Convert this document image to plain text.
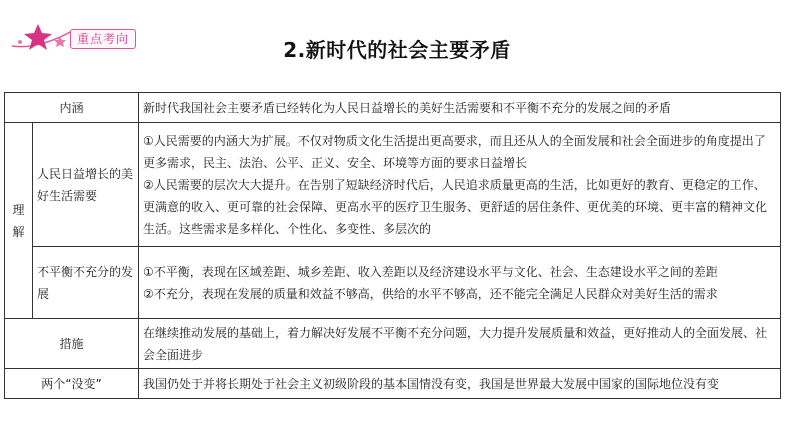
重点考向	2.新时代的社会主要矛盾
内涵		新时代我国社会主要矛盾已经转化为人民日益增长的美好生活需要和不平衡不充分的发展之间的矛盾
理解	人民日益增长的美好生活需要	①人民需要的内涵大为扩展。不仅对物质文化生活提出更高要求，而且还从人的全面发展和社会全面进步的角度提出了更多需求，民主、法治、公平、正义、安全、环境等方面的要求日益增长
②人民需要的层次大大提升。在告别了短缺经济时代后，人民追求质量更高的生活，比如更好的教育、更稳定的工作、更满意的收入、更可靠的社会保障、更高水平的医疗卫生服务、更舒适的居住条件、更优美的环境、更丰富的精神文化生活。这些需求是多样化、个性化、多变性、多层次的

	不平衡不充分的发展	①不平衡，表现在区域差距、城乡差距、收入差距以及经济建设水平与文化、社会、生态建设水平之间的差距
②不充分，表现在发展的质量和效益不够高，供给的水平不够高，还不能完全满足人民群众对美好生活的需求

措施		在继续推动发展的基础上，着力解决好发展不平衡不充分问题，大力提升发展质量和效益，更好推动人的全面发展、社会全面进步
两个“没变”		我国仍处于并将长期处于社会主义初级阶段的基本国情没有变，我国是世界最大发展中国家的国际地位没有变
